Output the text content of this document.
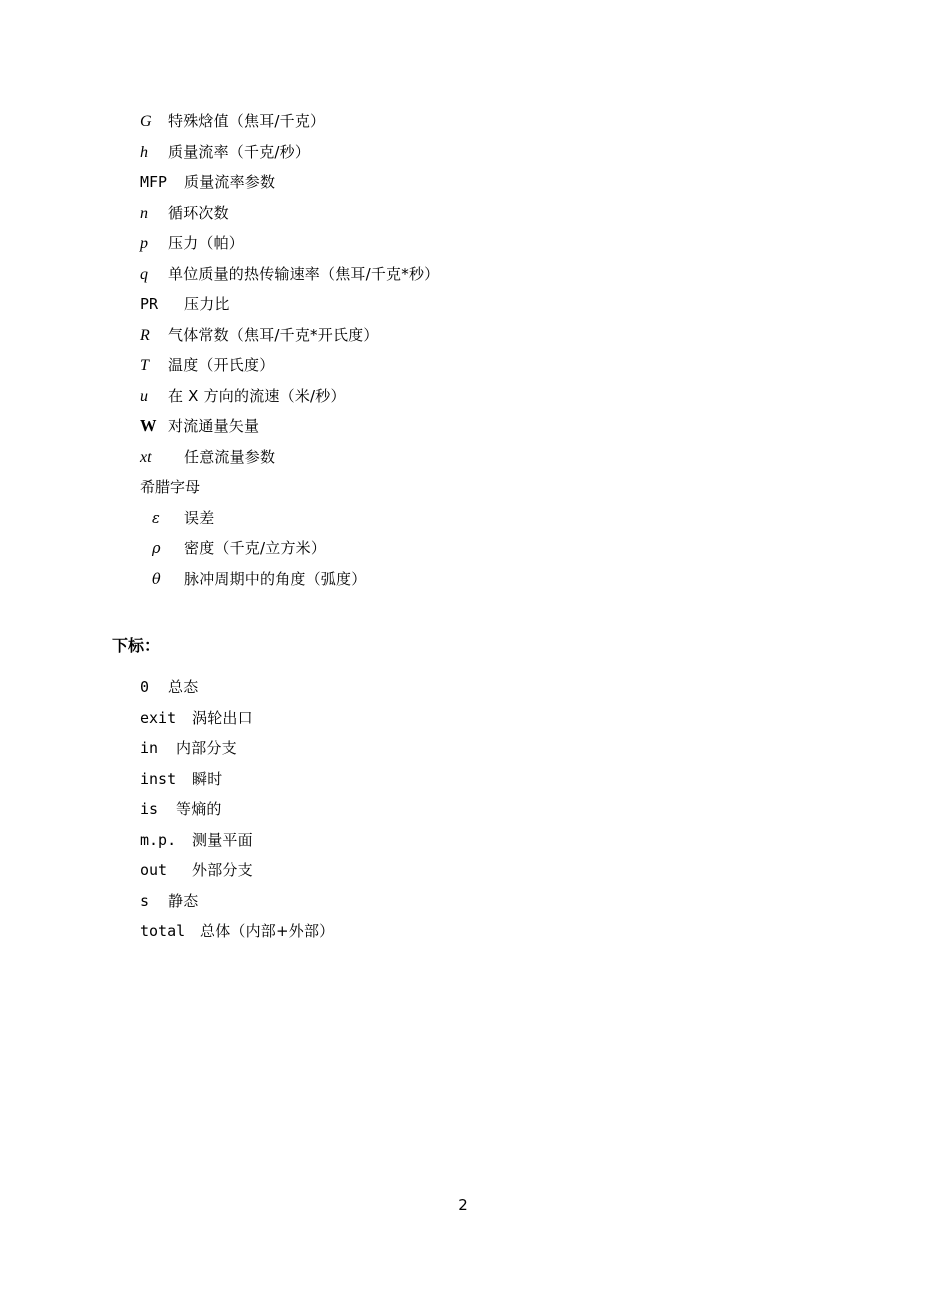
G	特殊焓值（焦耳/千克）
h	质量流率（千克/秒）
MFP	质量流率参数
n	循环次数
p	压力（帕）
q	单位质量的热传输速率（焦耳/千克*秒）
PR	压力比
R	气体常数（焦耳/千克*开氏度）
T	温度（开氏度）
u	在 X 方向的流速（米/秒）
W 对流通量矢量
xt	任意流量参数
希腊字母
ε	误差
ρ	密度（千克/立方米）
θ	脉冲周期中的角度（弧度）
下标：
0	总态
exit	涡轮出口
in	内部分支
inst	瞬时
is	等熵的
m.p.	测量平面
out	外部分支
s	静态
total 总体（内部+外部）
2
